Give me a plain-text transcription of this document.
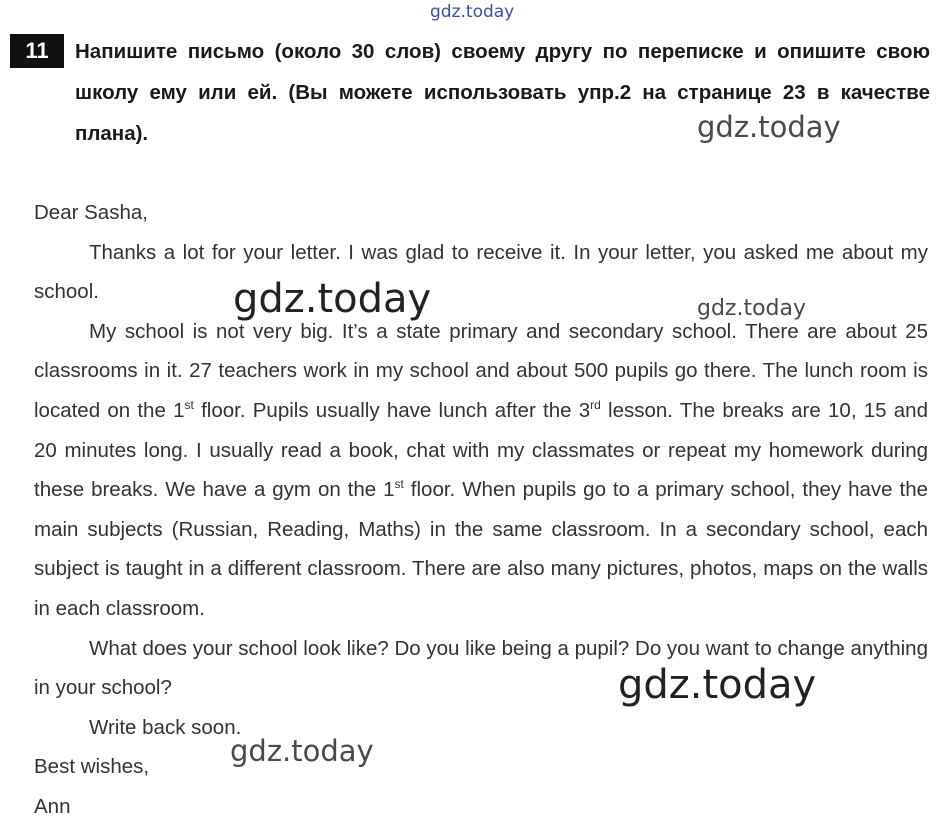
gdz.today
11	Напишите письмо (около 30 слов) своему другу по переписке и опишите свою школу ему или ей. (Вы можете использовать упр.2 на странице 23 в качестве плана).

Dear Sasha,

Thanks a lot for your letter. I was glad to receive it. In your letter, you asked me about my school.

My school is not very big. It’s a state primary and secondary school. There are about 25 classrooms in it. 27 teachers work in my school and about 500 pupils go there. The lunch room is located on the 1st floor. Pupils usually have lunch after the 3rd lesson. The breaks are 10, 15 and 20 minutes long. I usually read a book, chat with my classmates or repeat my homework during these breaks. We have a gym on the 1st floor. When pupils go to a primary school, they have the main subjects (Russian, Reading, Maths) in the same classroom. In a secondary school, each subject is taught in a different classroom. There are also many pictures, photos, maps on the walls in each classroom.

What does your school look like? Do you like being a pupil? Do you want to change anything in your school?

Write back soon.

Best wishes,

Ann

gdz.today
gdz.today	gdz.today
gdz.today
gdz.today
